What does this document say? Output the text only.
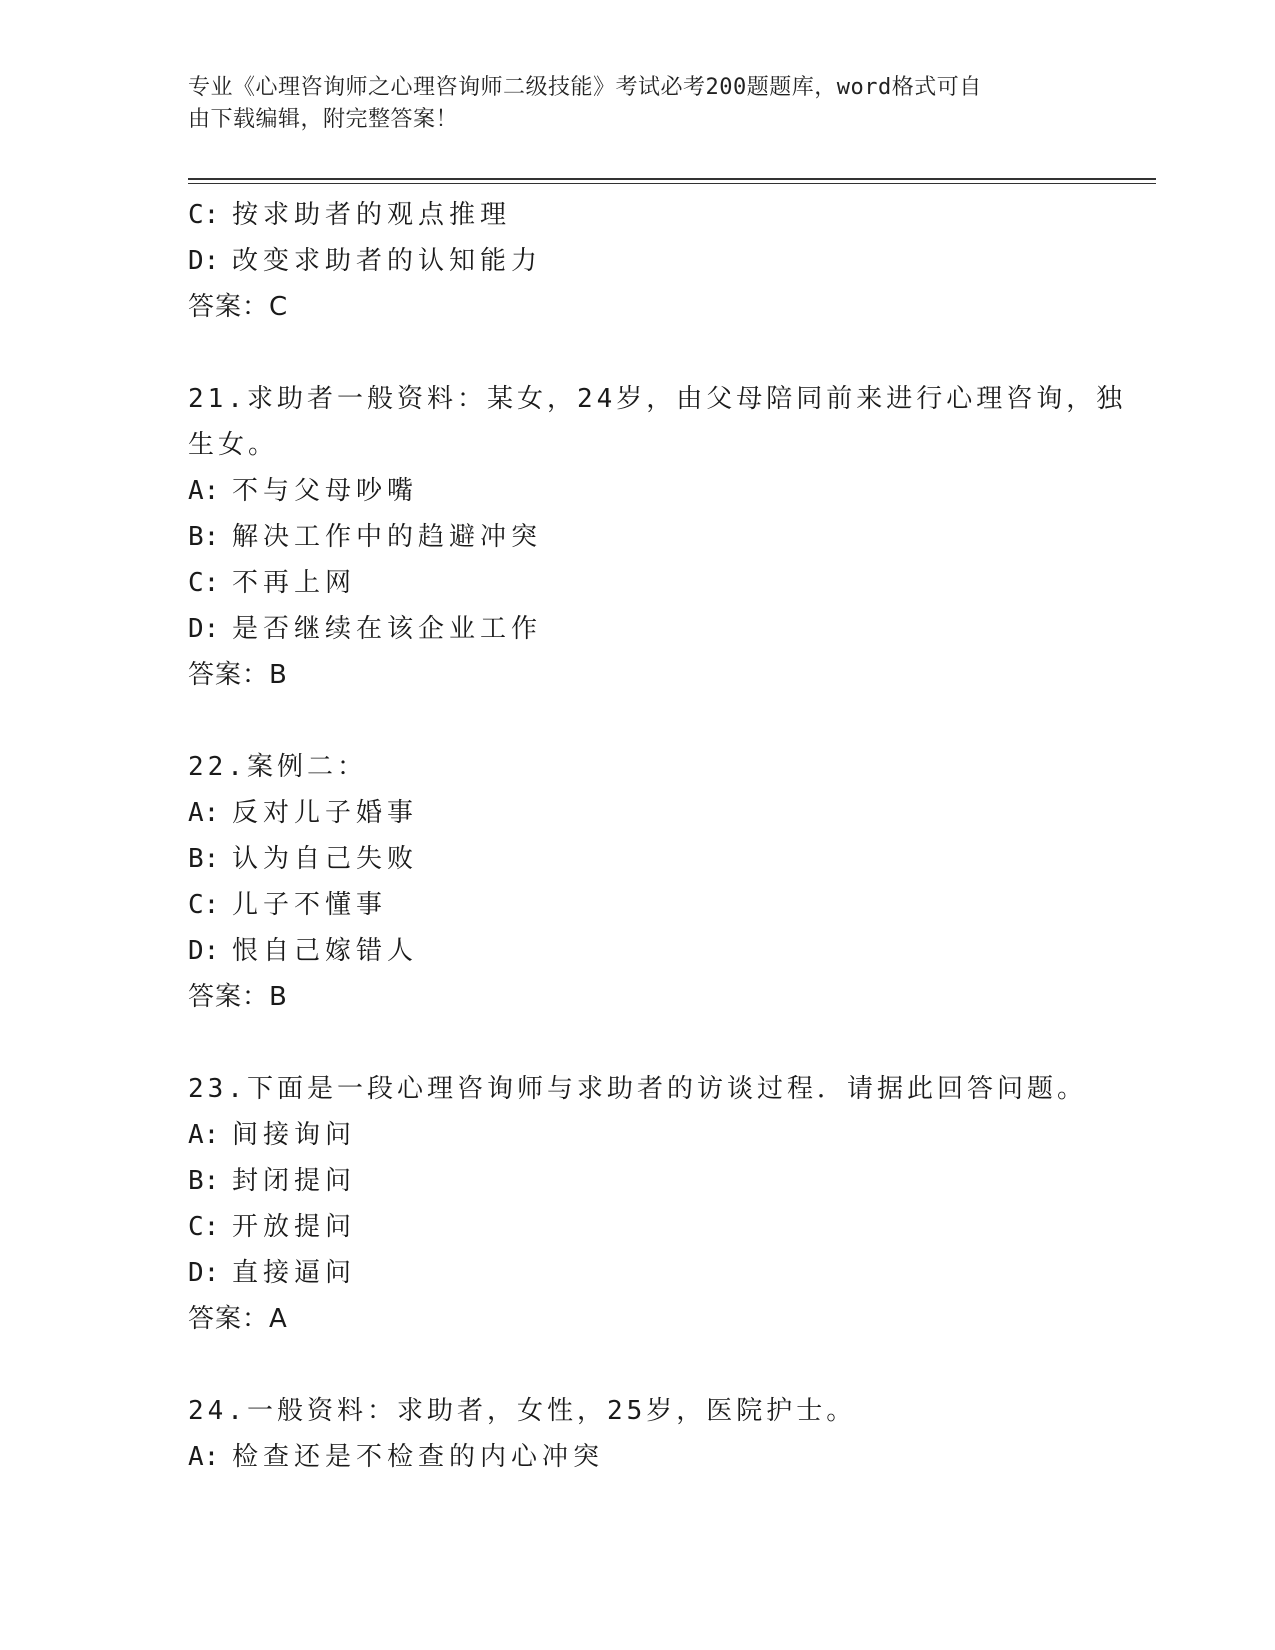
专业《心理咨询师之心理咨询师二级技能》考试必考200题题库，word格式可自
由下载编辑，附完整答案！
C: 按求助者的观点推理
D: 改变求助者的认知能力
答案：C
21.求助者一般资料：某女，24岁，由父母陪同前来进行心理咨询，独
生女。
A: 不与父母吵嘴
B: 解决工作中的趋避冲突
C: 不再上网
D: 是否继续在该企业工作
答案：B
22.案例二：
A: 反对儿子婚事
B: 认为自己失败
C: 儿子不懂事
D: 恨自己嫁错人
答案：B
23.下面是一段心理咨询师与求助者的访谈过程．请据此回答问题。
A: 间接询问
B: 封闭提问
C: 开放提问
D: 直接逼问
答案：A
24.一般资料：求助者，女性，25岁，医院护士。
A: 检查还是不检查的内心冲突
